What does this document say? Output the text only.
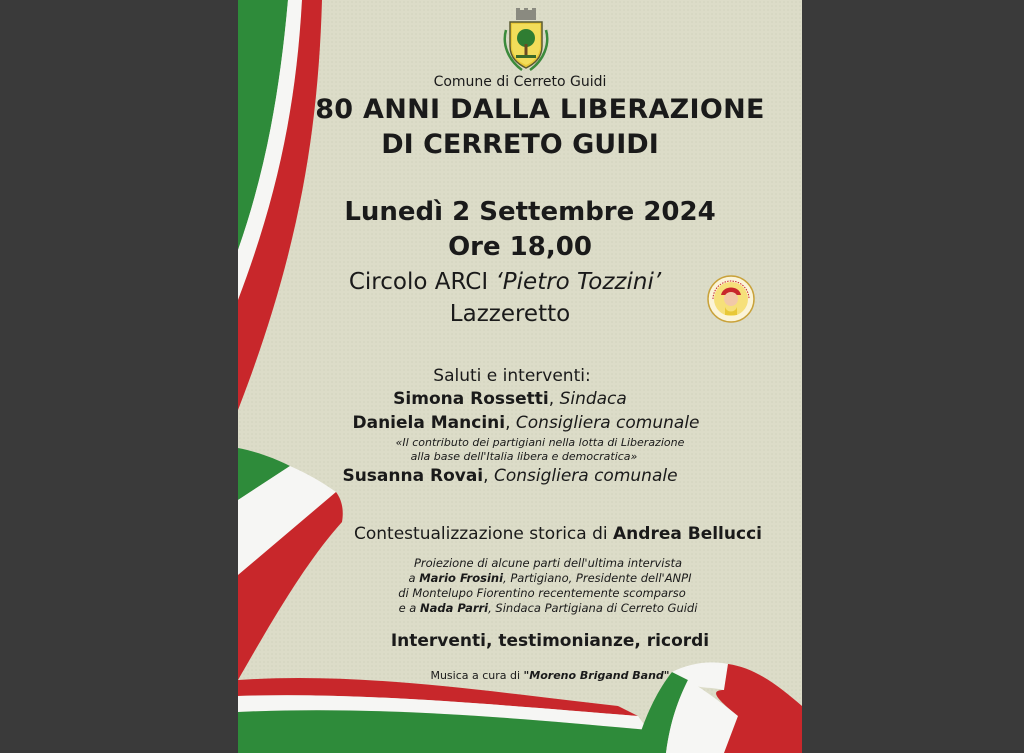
Comune di Cerreto Guidi

80 ANNI DALLA LIBERAZIONE

DI CERRETO GUIDI

Lunedì 2 Settembre 2024

Ore 18,00

Circolo ARCI ‘Pietro Tozzini’

Lazzeretto

Saluti e interventi:

Simona Rossetti, Sindaca

Daniela Mancini, Consigliera comunale

«Il contributo dei partigiani nella lotta di Liberazione

alla base dell'Italia libera e democratica»

Susanna Rovai, Consigliera comunale

Contestualizzazione storica di Andrea Bellucci

Proiezione di alcune parti dell'ultima intervista

a Mario Frosini, Partigiano, Presidente dell'ANPI

di Montelupo Fiorentino recentemente scomparso

e a Nada Parri, Sindaca Partigiana di Cerreto Guidi

Interventi, testimonianze, ricordi

Musica a cura di "Moreno Brigand Band"
